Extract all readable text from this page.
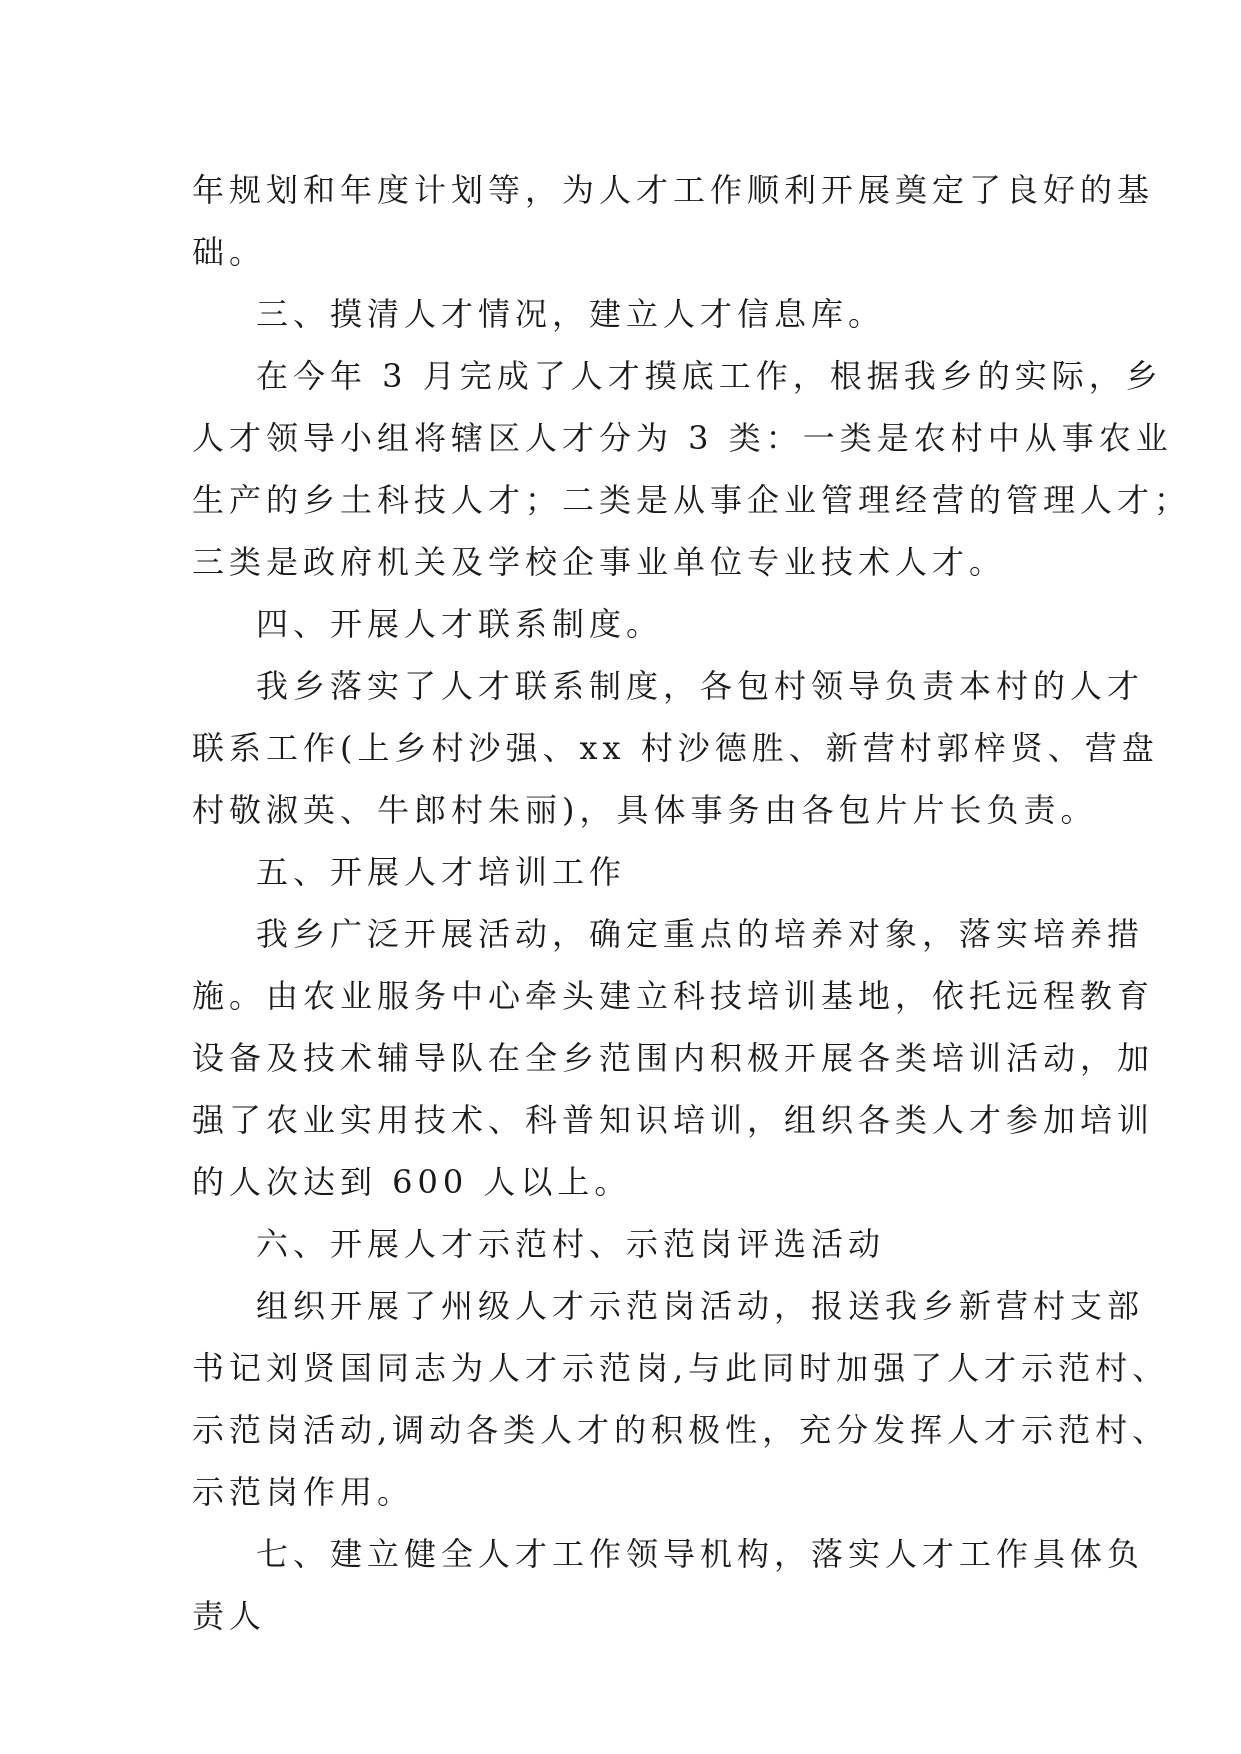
年规划和年度计划等，为人才工作顺利开展奠定了良好的基
础。
三、摸清人才情况，建立人才信息库。
在今年 3 月完成了人才摸底工作，根据我乡的实际，乡
人才领导小组将辖区人才分为 3 类：一类是农村中从事农业
生产的乡土科技人才；二类是从事企业管理经营的管理人才；
三类是政府机关及学校企事业单位专业技术人才。
四、开展人才联系制度。
我乡落实了人才联系制度，各包村领导负责本村的人才
联系工作(上乡村沙强、xx 村沙德胜、新营村郭梓贤、营盘
村敬淑英、牛郎村朱丽)，具体事务由各包片片长负责。
五、开展人才培训工作
我乡广泛开展活动，确定重点的培养对象，落实培养措
施。由农业服务中心牵头建立科技培训基地，依托远程教育
设备及技术辅导队在全乡范围内积极开展各类培训活动，加
强了农业实用技术、科普知识培训，组织各类人才参加培训
的人次达到 600 人以上。
六、开展人才示范村、示范岗评选活动
组织开展了州级人才示范岗活动，报送我乡新营村支部
书记刘贤国同志为人才示范岗,与此同时加强了人才示范村、
示范岗活动,调动各类人才的积极性，充分发挥人才示范村、
示范岗作用。
七、建立健全人才工作领导机构，落实人才工作具体负
责人
